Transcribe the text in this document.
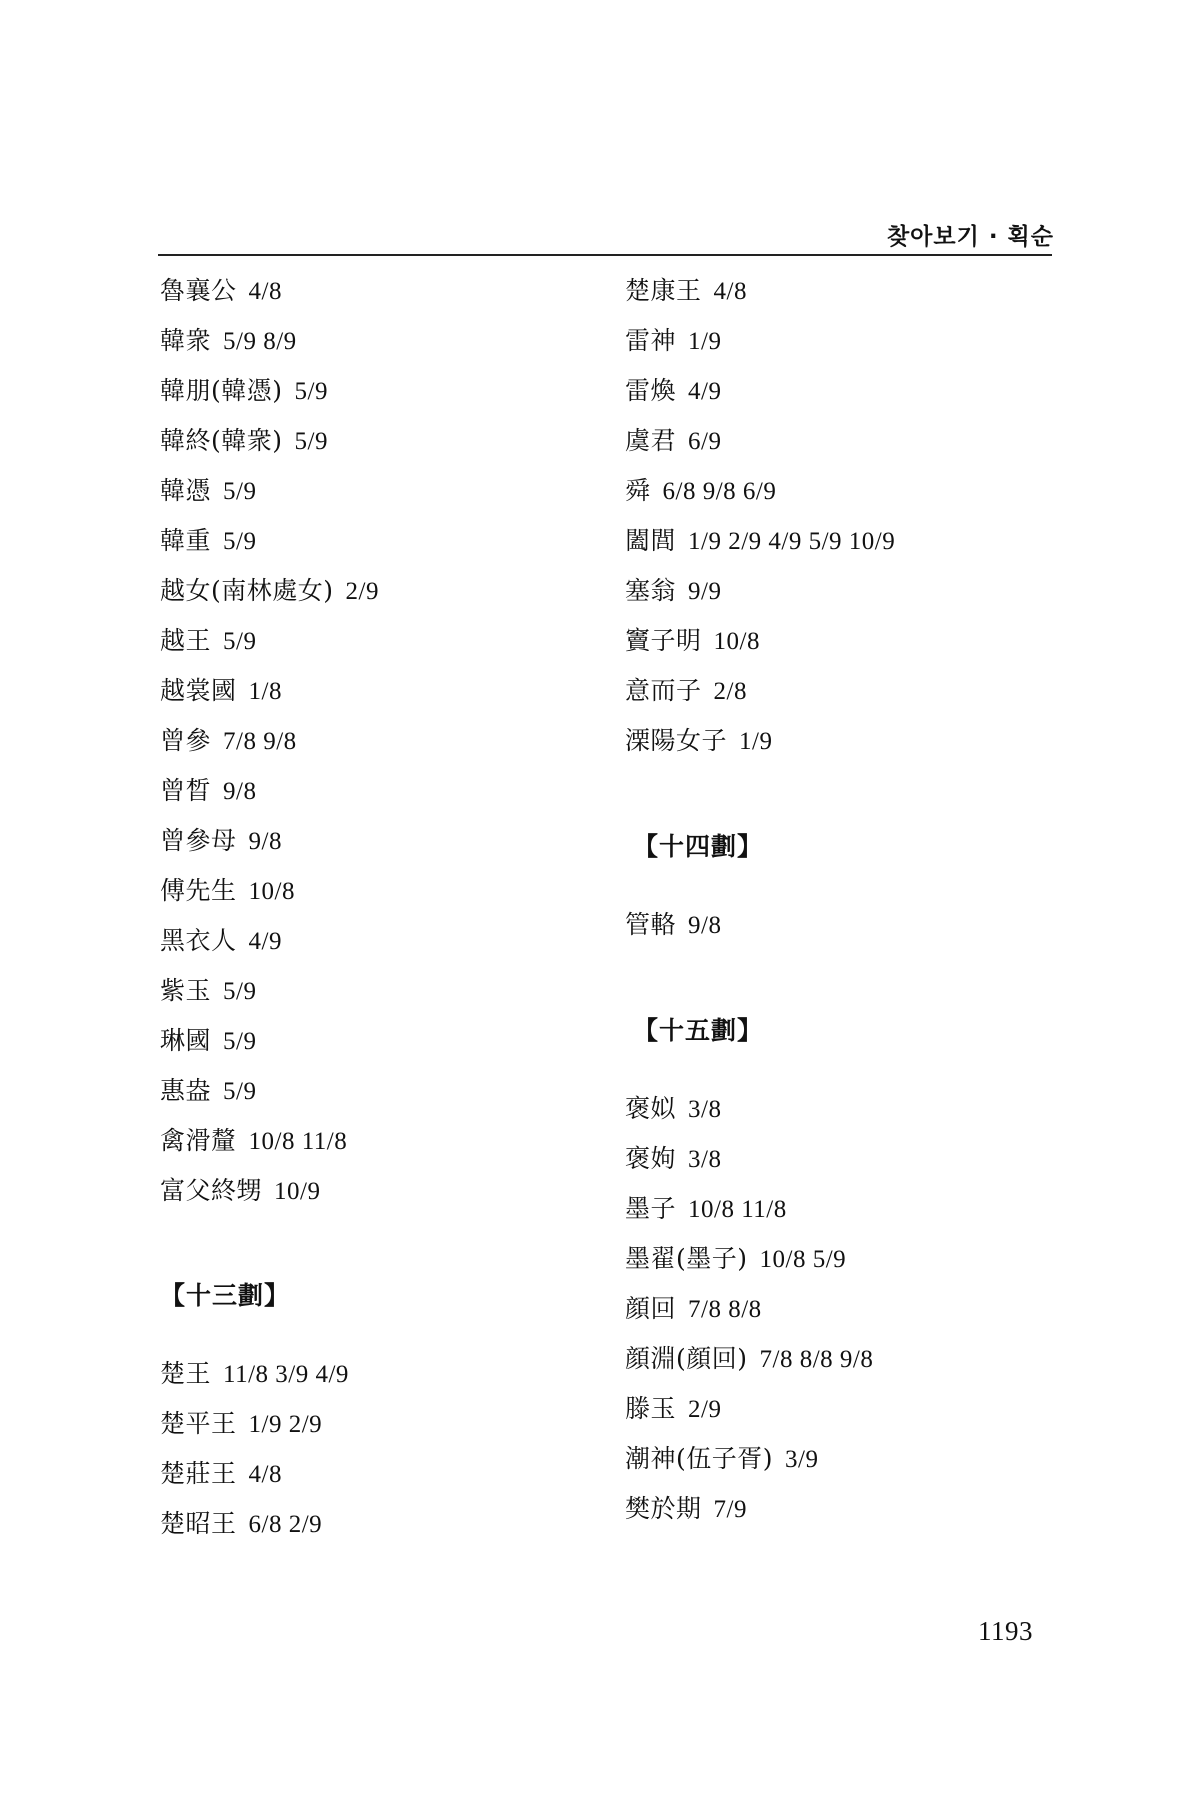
찾아보기 · 획순
魯襄公 4/8
韓衆 5/9 8/9
韓朋(韓憑) 5/9
韓終(韓衆) 5/9
韓憑 5/9
韓重 5/9
越女(南林處女) 2/9
越王 5/9
越裳國 1/8
曾參 7/8 9/8
曾晳 9/8
曾參母 9/8
傅先生 10/8
黑衣人 4/9
紫玉 5/9
琳國 5/9
惠盎 5/9
禽滑釐 10/8 11/8
富父終甥 10/9
【十三劃】
楚王 11/8 3/9 4/9
楚平王 1/9 2/9
楚莊王 4/8
楚昭王 6/8 2/9
楚康王 4/8
雷神 1/9
雷煥 4/9
虞君 6/9
舜 6/8 9/8 6/9
闔閭 1/9 2/9 4/9 5/9 10/9
塞翁 9/9
竇子明 10/8
意而子 2/8
溧陽女子 1/9
【十四劃】
管輅 9/8
【十五劃】
褒姒 3/8
褒姁 3/8
墨子 10/8 11/8
墨翟(墨子) 10/8 5/9
顔回 7/8 8/8
顔淵(顔回) 7/8 8/8 9/8
滕玉 2/9
潮神(伍子胥) 3/9
樊於期 7/9
1193
